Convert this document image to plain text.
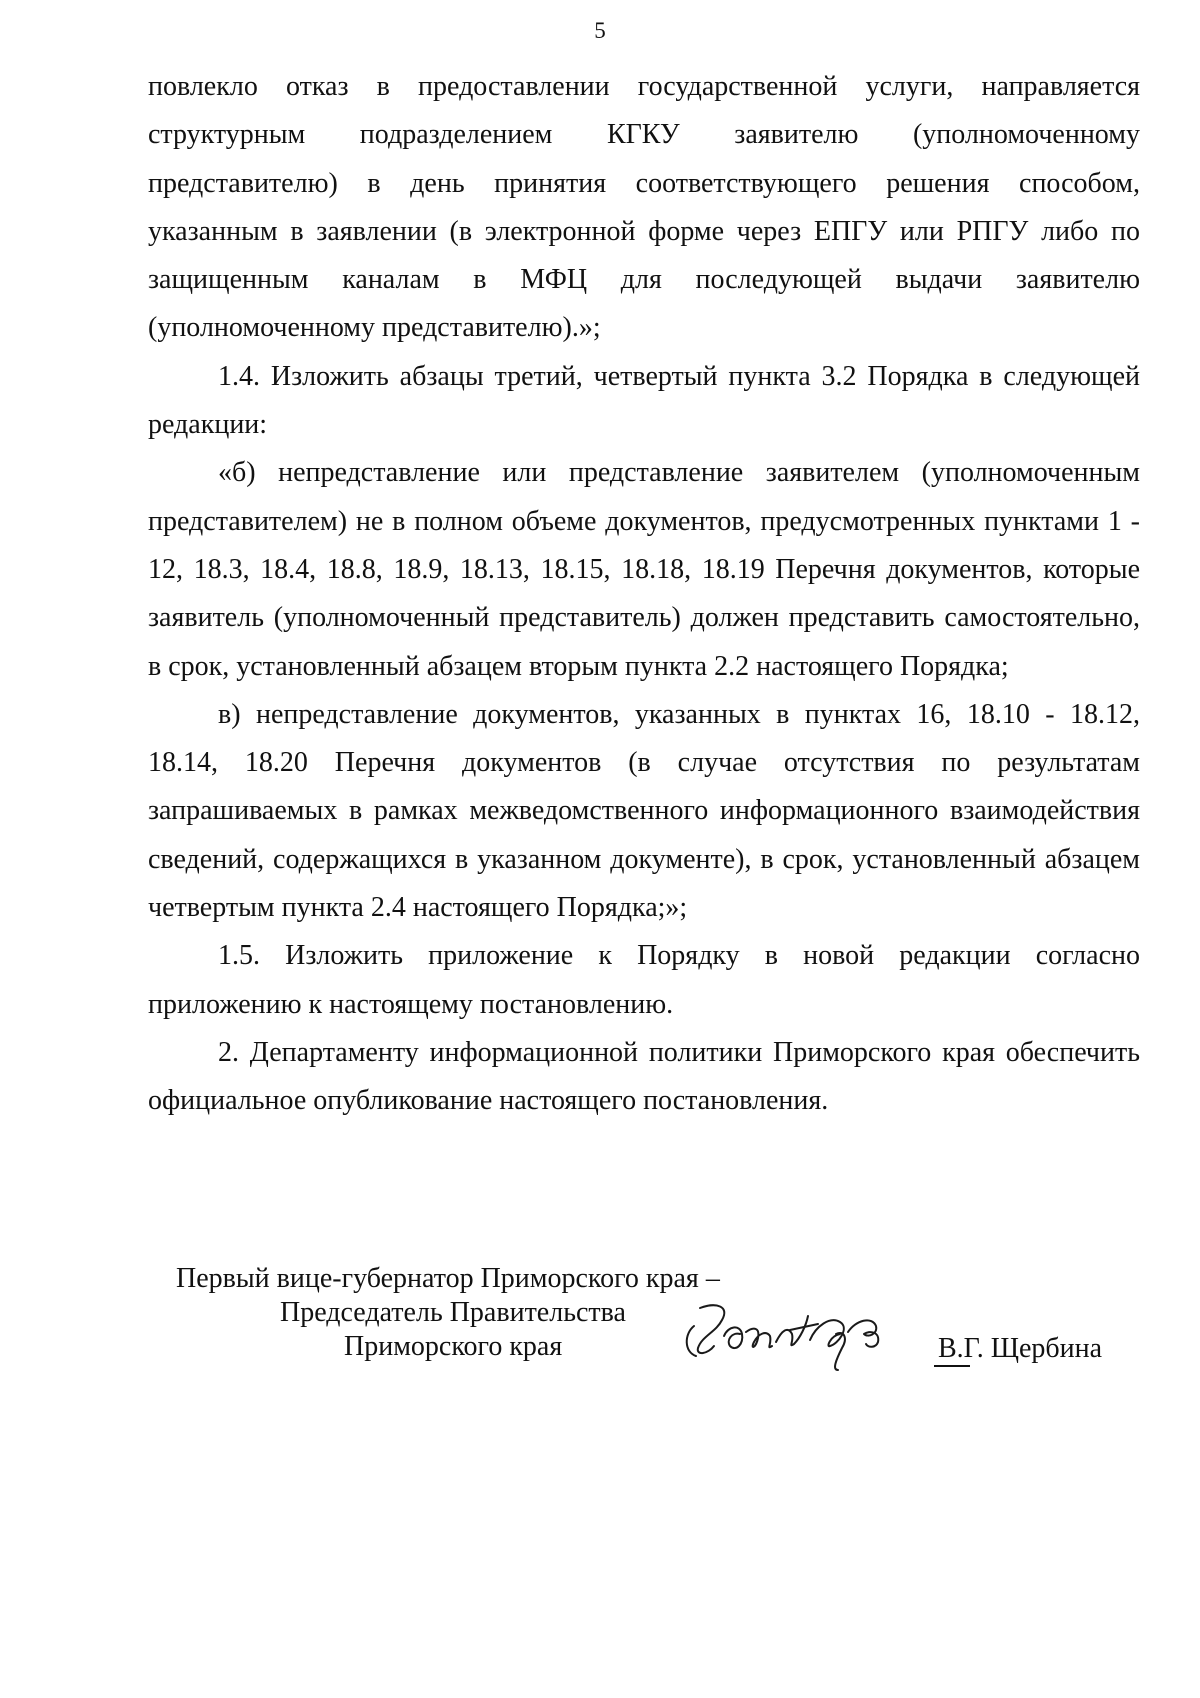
5

повлекло отказ в предоставлении государственной услуги, направляется структурным подразделением КГКУ заявителю (уполномоченному представителю) в день принятия соответствующего решения способом, указанным в заявлении (в электронной форме через ЕПГУ или РПГУ либо по защищенным каналам в МФЦ для последующей выдачи заявителю (уполномоченному представителю).»;

1.4. Изложить абзацы третий, четвертый пункта 3.2 Порядка в следующей редакции:

«б) непредставление или представление заявителем (уполномоченным представителем) не в полном объеме документов, предусмотренных пунктами 1 - 12, 18.3, 18.4, 18.8, 18.9, 18.13, 18.15, 18.18, 18.19 Перечня документов, которые заявитель (уполномоченный представитель) должен представить самостоятельно, в срок, установленный абзацем вторым пункта 2.2 настоящего Порядка;

в) непредставление документов, указанных в пунктах 16, 18.10 - 18.12, 18.14, 18.20 Перечня документов (в случае отсутствия по результатам запрашиваемых в рамках межведомственного информационного взаимодействия сведений, содержащихся в указанном документе), в срок, установленный абзацем четвертым пункта 2.4 настоящего Порядка;»;

1.5. Изложить приложение к Порядку в новой редакции согласно приложению к настоящему постановлению.

2. Департаменту информационной политики Приморского края обеспечить официальное опубликование настоящего постановления.

Первый вице-губернатор Приморского края –
Председатель Правительства
Приморского края	В.Г. Щербина
